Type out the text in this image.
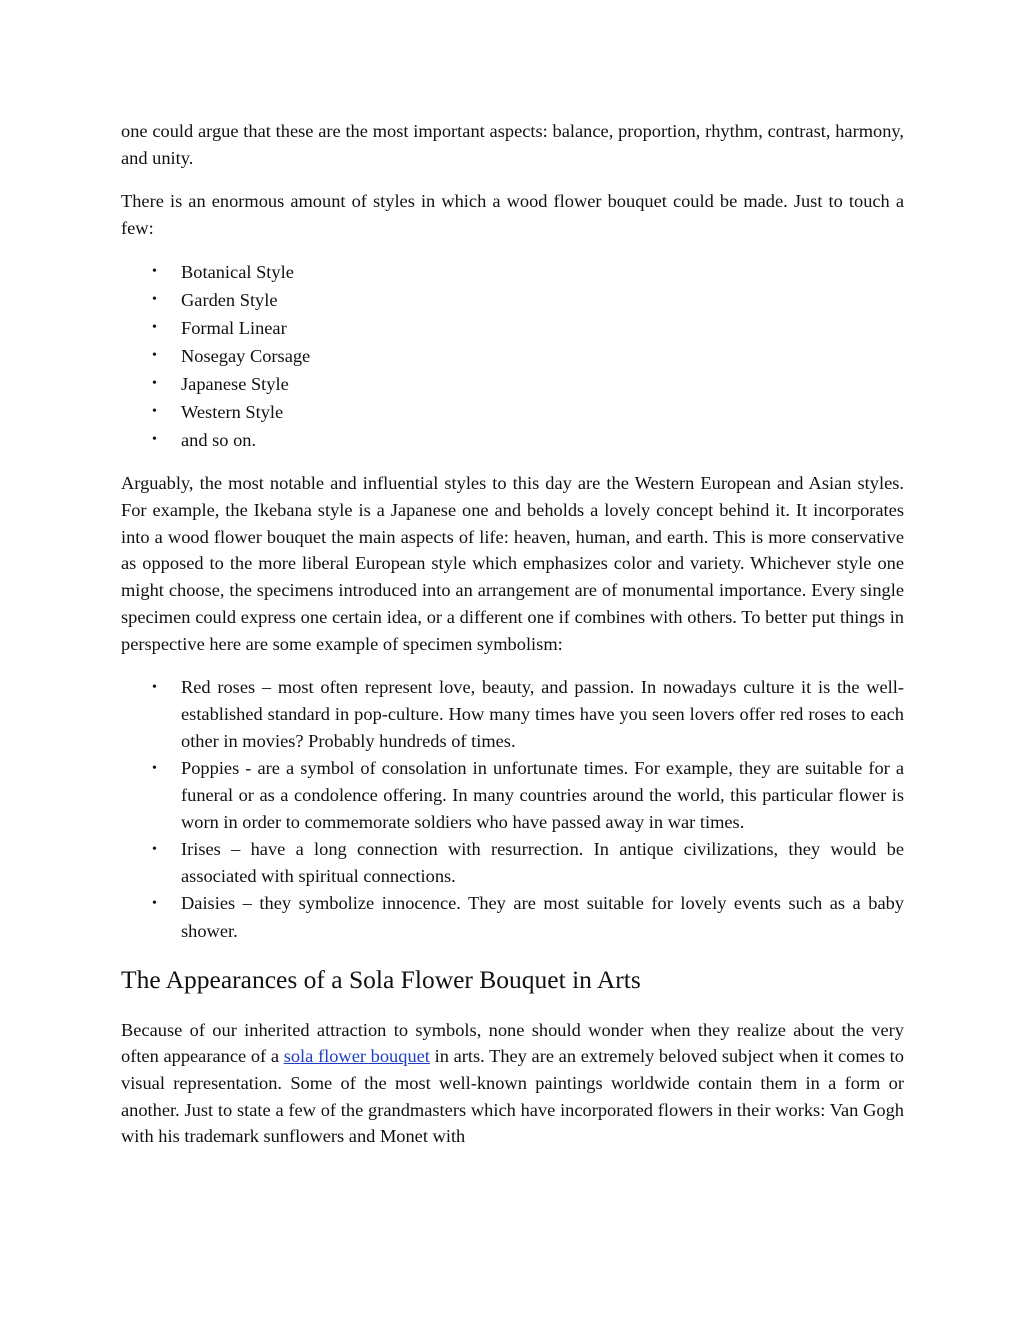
one could argue that these are the most important aspects: balance, proportion, rhythm, contrast, harmony, and unity.

There is an enormous amount of styles in which a wood flower bouquet could be made. Just to touch a few:

• Botanical Style
• Garden Style
• Formal Linear
• Nosegay Corsage
• Japanese Style
• Western Style
• and so on.

Arguably, the most notable and influential styles to this day are the Western European and Asian styles. For example, the Ikebana style is a Japanese one and beholds a lovely concept behind it. It incorporates into a wood flower bouquet the main aspects of life: heaven, human, and earth. This is more conservative as opposed to the more liberal European style which emphasizes color and variety. Whichever style one might choose, the specimens introduced into an arrangement are of monumental importance. Every single specimen could express one certain idea, or a different one if combines with others. To better put things in perspective here are some example of specimen symbolism:

• Red roses – most often represent love, beauty, and passion. In nowadays culture it is the well-established standard in pop-culture. How many times have you seen lovers offer red roses to each other in movies? Probably hundreds of times.
• Poppies - are a symbol of consolation in unfortunate times. For example, they are suitable for a funeral or as a condolence offering. In many countries around the world, this particular flower is worn in order to commemorate soldiers who have passed away in war times.
• Irises – have a long connection with resurrection. In antique civilizations, they would be associated with spiritual connections.
• Daisies – they symbolize innocence. They are most suitable for lovely events such as a baby shower.
The Appearances of a Sola Flower Bouquet in Arts

Because of our inherited attraction to symbols, none should wonder when they realize about the very often appearance of a sola flower bouquet in arts. They are an extremely beloved subject when it comes to visual representation. Some of the most well-known paintings worldwide contain them in a form or another. Just to state a few of the grandmasters which have incorporated flowers in their works: Van Gogh with his trademark sunflowers and Monet with
